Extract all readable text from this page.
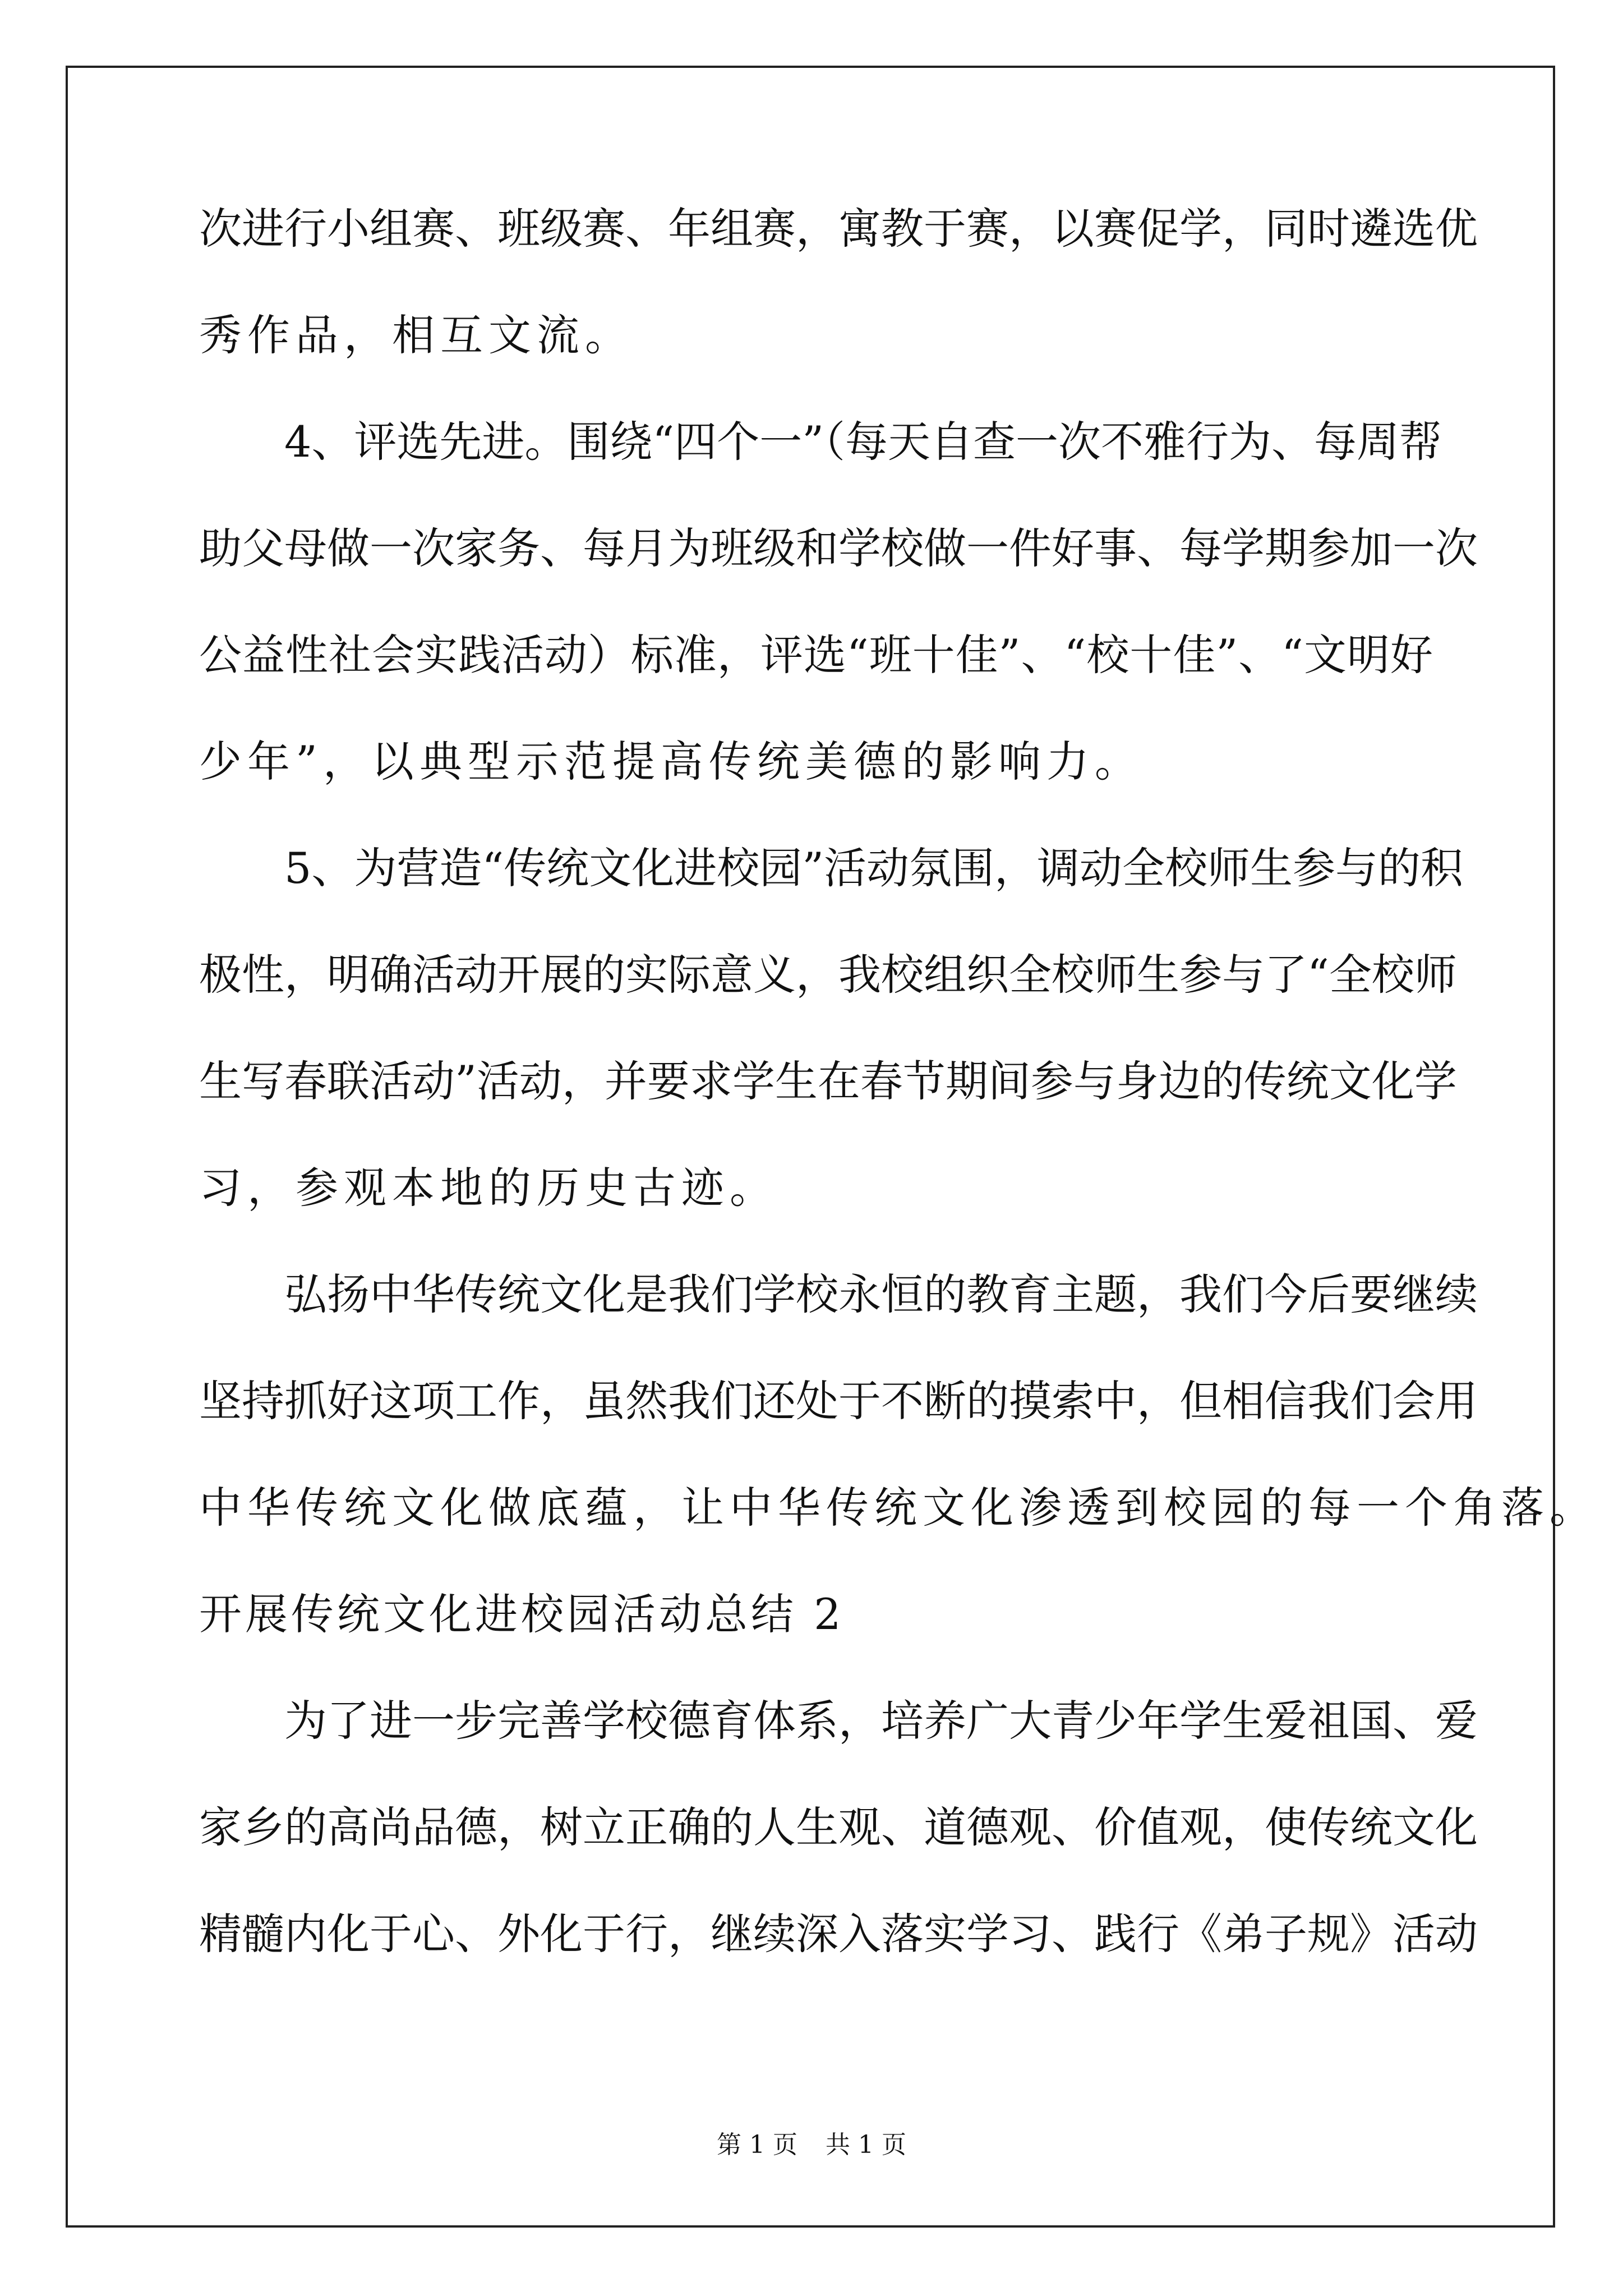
次进行小组赛、班级赛、年组赛，寓教于赛，以赛促学，同时遴选优
秀作品，相互文流。
4、评选先进。围绕“四个一”（每天自查一次不雅行为、每周帮
助父母做一次家务、每月为班级和学校做一件好事、每学期参加一次
公益性社会实践活动）标准，评选“班十佳”、“校十佳”、“文明好
少年”，以典型示范提高传统美德的影响力。
5、为营造“传统文化进校园”活动氛围，调动全校师生参与的积
极性，明确活动开展的实际意义，我校组织全校师生参与了“全校师
生写春联活动”活动，并要求学生在春节期间参与身边的传统文化学
习，参观本地的历史古迹。
弘扬中华传统文化是我们学校永恒的教育主题，我们今后要继续
坚持抓好这项工作，虽然我们还处于不断的摸索中，但相信我们会用
中华传统文化做底蕴，让中华传统文化渗透到校园的每一个角落。
开展传统文化进校园活动总结 2
为了进一步完善学校德育体系，培养广大青少年学生爱祖国、爱
家乡的高尚品德，树立正确的人生观、道德观、价值观，使传统文化
精髓内化于心、外化于行，继续深入落实学习、践行《弟子规》活动
第 1 页 共 1 页
